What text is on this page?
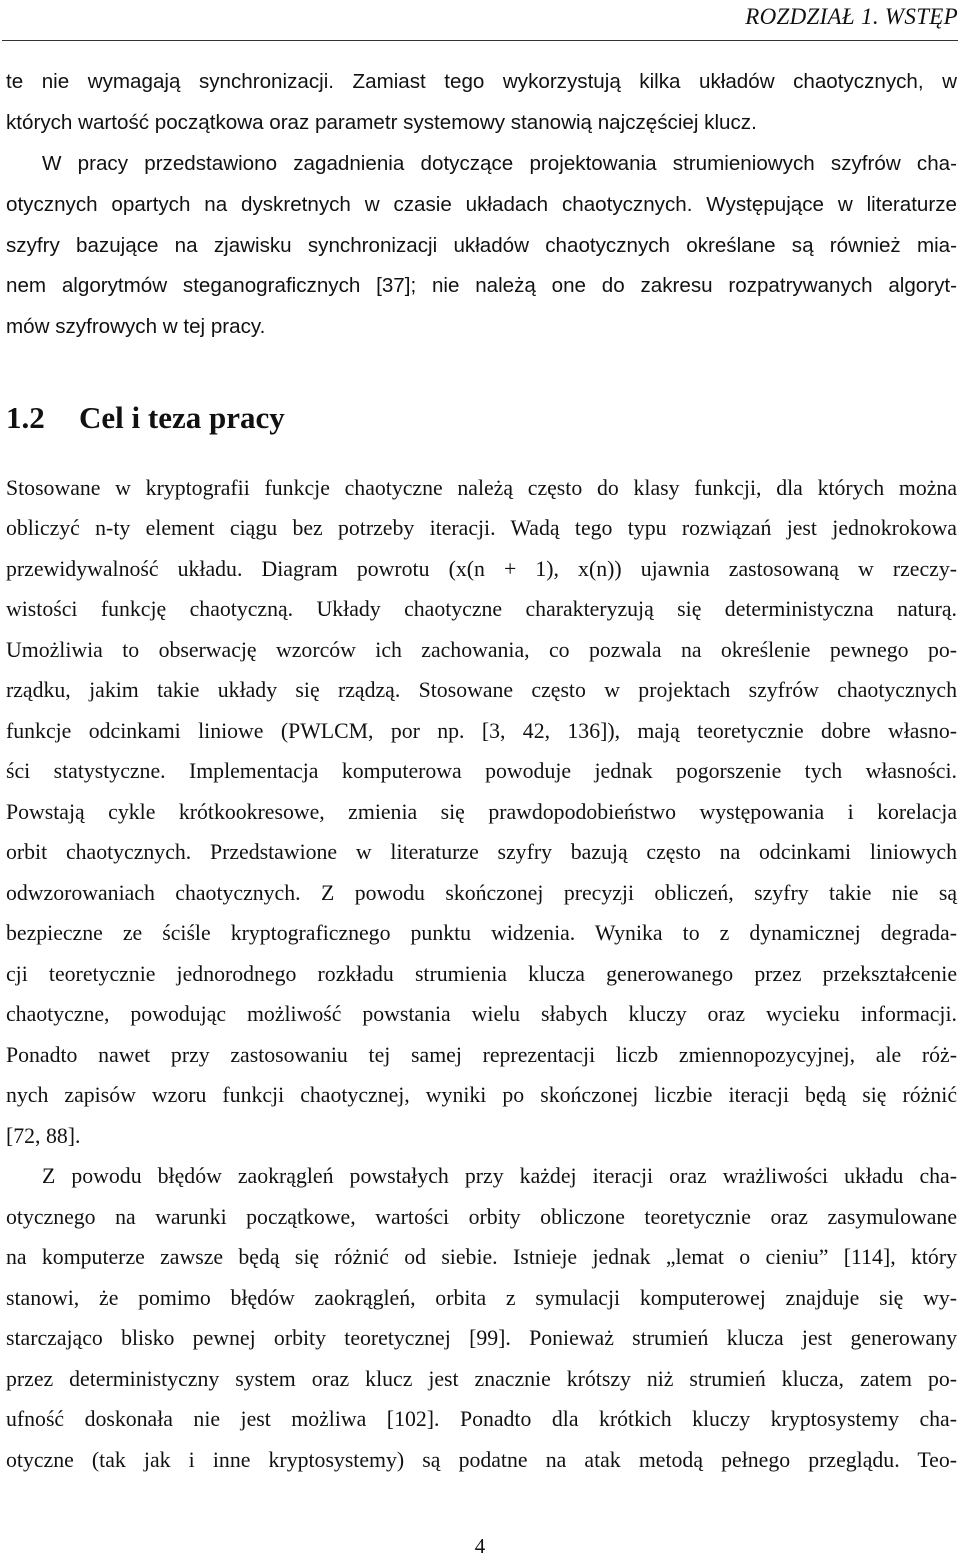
ROZDZIAŁ 1. WSTĘP
te nie wymagają synchronizacji. Zamiast tego wykorzystują kilka układów chaotycznych, w
których wartość początkowa oraz parametr systemowy stanowią najczęściej klucz.
W pracy przedstawiono zagadnienia dotyczące projektowania strumieniowych szyfrów cha-
otycznych opartych na dyskretnych w czasie układach chaotycznych. Występujące w literaturze
szyfry bazujące na zjawisku synchronizacji układów chaotycznych określane są również mia-
nem algorytmów steganograficznych [37]; nie należą one do zakresu rozpatrywanych algoryt-
mów szyfrowych w tej pracy.
1.2 Cel i teza pracy
Stosowane w kryptografii funkcje chaotyczne należą często do klasy funkcji, dla których można
obliczyć n-ty element ciągu bez potrzeby iteracji. Wadą tego typu rozwiązań jest jednokrokowa
przewidywalność układu. Diagram powrotu (x(n + 1), x(n)) ujawnia zastosowaną w rzeczy-
wistości funkcję chaotyczną. Układy chaotyczne charakteryzują się deterministyczna naturą.
Umożliwia to obserwację wzorców ich zachowania, co pozwala na określenie pewnego po-
rządku, jakim takie układy się rządzą. Stosowane często w projektach szyfrów chaotycznych
funkcje odcinkami liniowe (PWLCM, por np. [3, 42, 136]), mają teoretycznie dobre własno-
ści statystyczne. Implementacja komputerowa powoduje jednak pogorszenie tych własności.
Powstają cykle krótkookresowe, zmienia się prawdopodobieństwo występowania i korelacja
orbit chaotycznych. Przedstawione w literaturze szyfry bazują często na odcinkami liniowych
odwzorowaniach chaotycznych. Z powodu skończonej precyzji obliczeń, szyfry takie nie są
bezpieczne ze ściśle kryptograficznego punktu widzenia. Wynika to z dynamicznej degrada-
cji teoretycznie jednorodnego rozkładu strumienia klucza generowanego przez przekształcenie
chaotyczne, powodując możliwość powstania wielu słabych kluczy oraz wycieku informacji.
Ponadto nawet przy zastosowaniu tej samej reprezentacji liczb zmiennopozycyjnej, ale róż-
nych zapisów wzoru funkcji chaotycznej, wyniki po skończonej liczbie iteracji będą się różnić
[72, 88].
Z powodu błędów zaokrągleń powstałych przy każdej iteracji oraz wrażliwości układu cha-
otycznego na warunki początkowe, wartości orbity obliczone teoretycznie oraz zasymulowane
na komputerze zawsze będą się różnić od siebie. Istnieje jednak „lemat o cieniu” [114], który
stanowi, że pomimo błędów zaokrągleń, orbita z symulacji komputerowej znajduje się wy-
starczająco blisko pewnej orbity teoretycznej [99]. Ponieważ strumień klucza jest generowany
przez deterministyczny system oraz klucz jest znacznie krótszy niż strumień klucza, zatem po-
ufność doskonała nie jest możliwa [102]. Ponadto dla krótkich kluczy kryptosystemy cha-
otyczne (tak jak i inne kryptosystemy) są podatne na atak metodą pełnego przeglądu. Teo-
4
